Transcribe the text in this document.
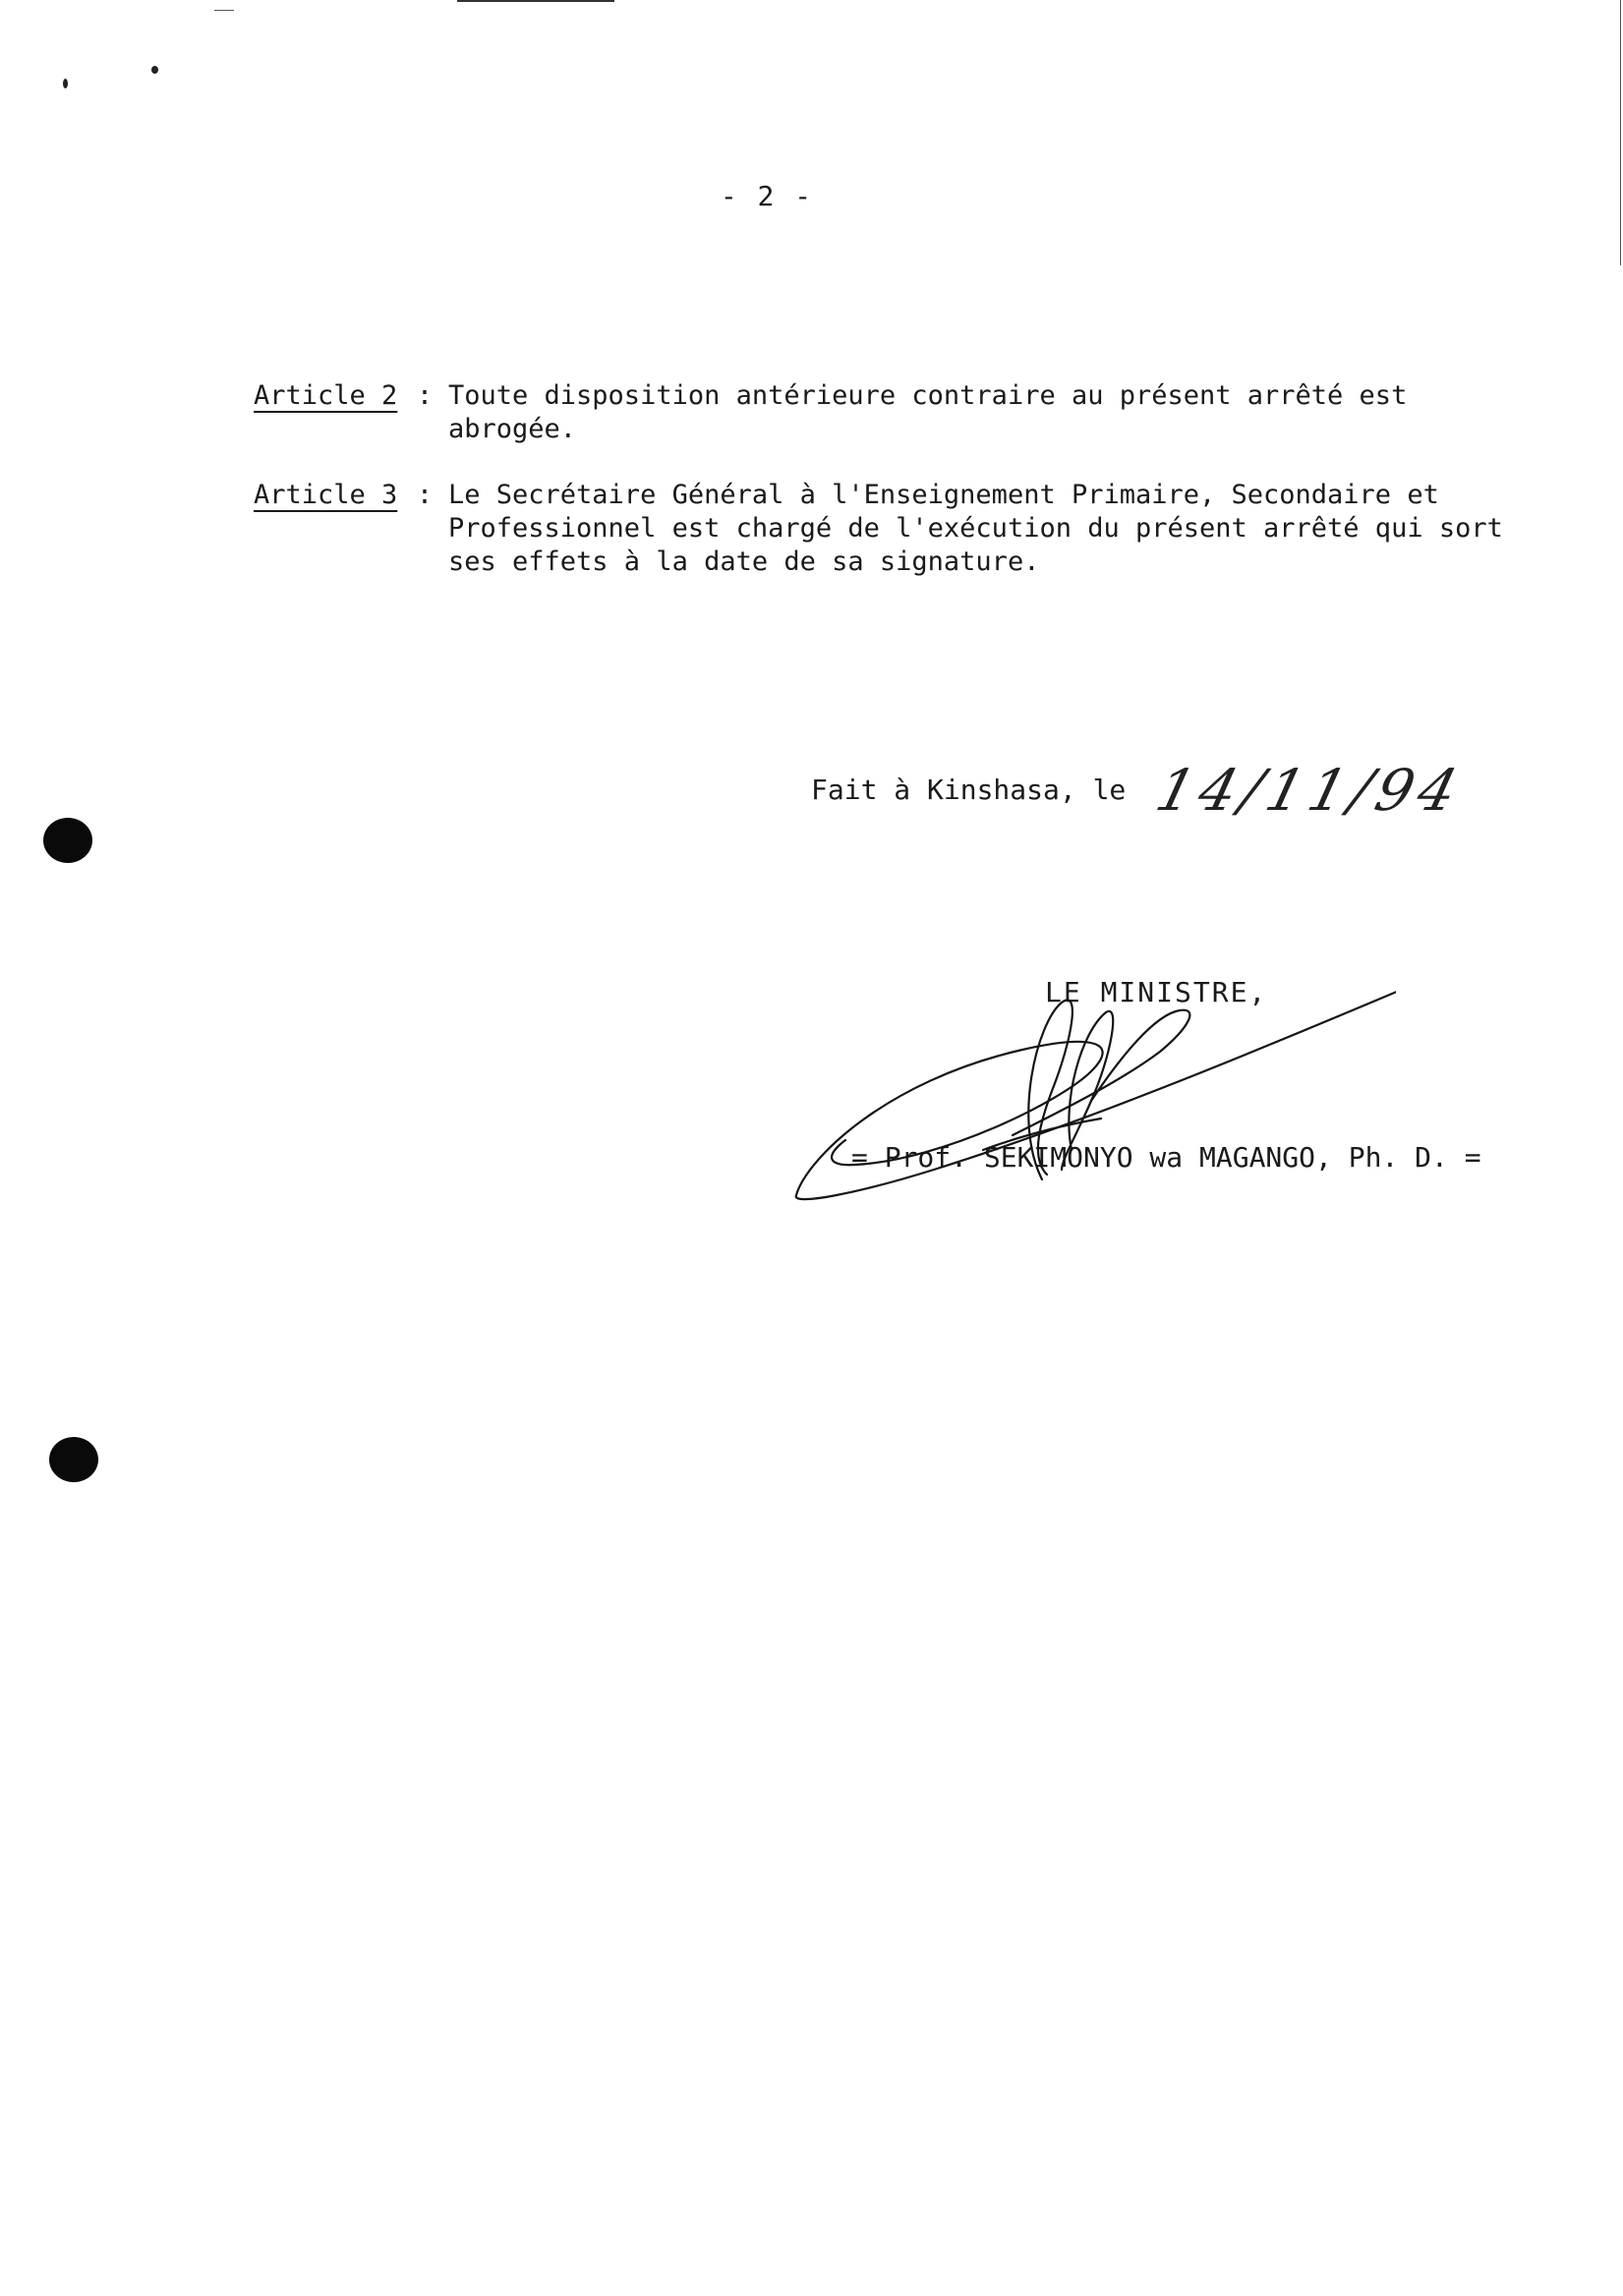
- 2 -
Article 2 : Toute disposition antérieure contraire au présent arrêté est
abrogée.
Article 3 : Le Secrétaire Général à l'Enseignement Primaire, Secondaire et
Professionnel est chargé de l'exécution du présent arrêté qui sort
ses effets à la date de sa signature.
Fait à Kinshasa, le 14/11/94
LE MINISTRE,
= Prof. SEKIMONYO wa MAGANGO, Ph. D. =
